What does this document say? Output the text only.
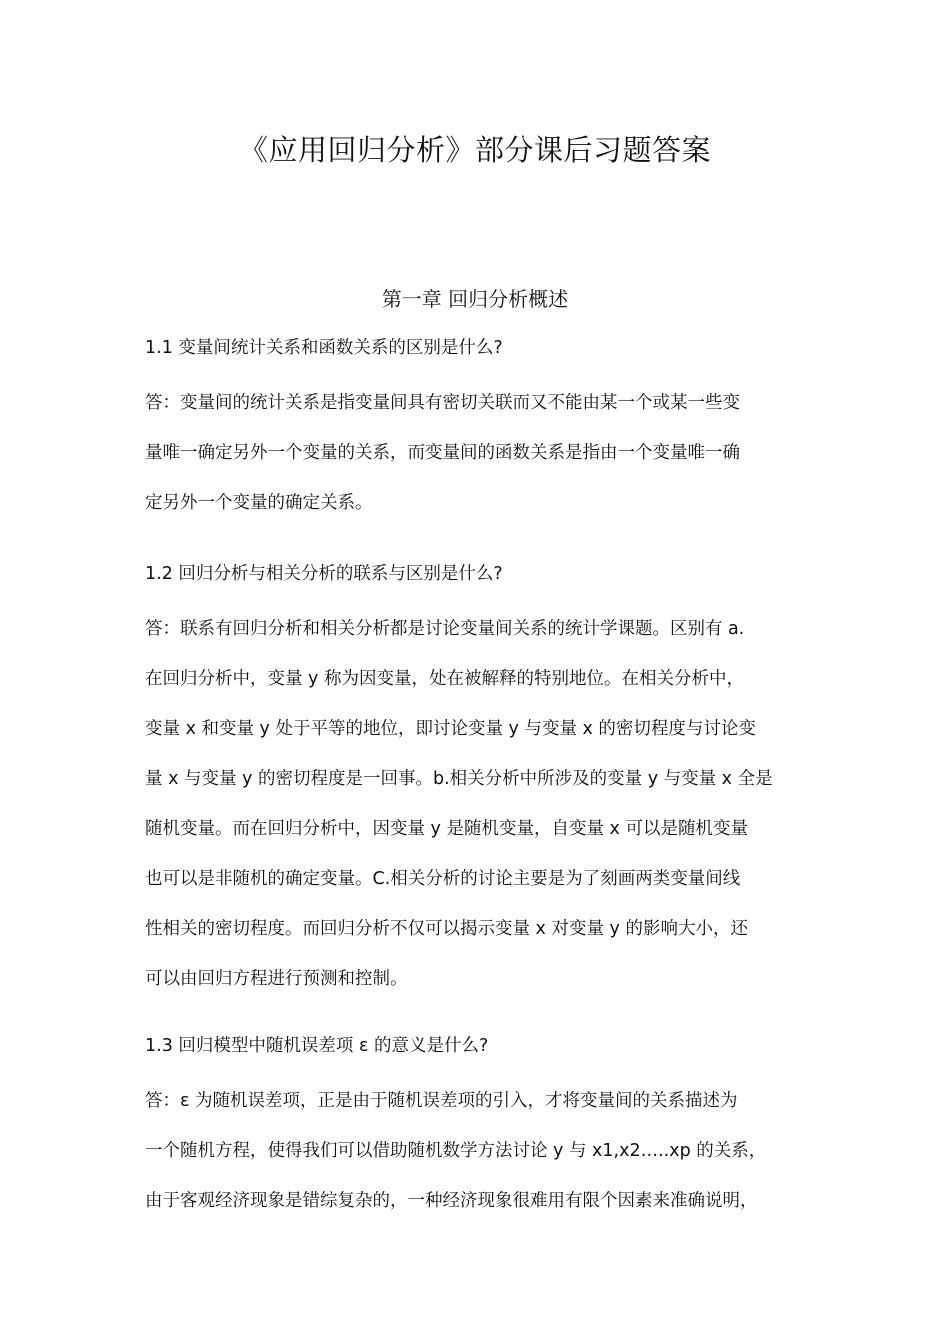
《应用回归分析》部分课后习题答案
第一章 回归分析概述

1.1 变量间统计关系和函数关系的区别是什么?

答：变量间的统计关系是指变量间具有密切关联而又不能由某一个或某一些变
量唯一确定另外一个变量的关系，而变量间的函数关系是指由一个变量唯一确
定另外一个变量的确定关系。

1.2 回归分析与相关分析的联系与区别是什么?

答：联系有回归分析和相关分析都是讨论变量间关系的统计学课题。区别有 a.
在回归分析中，变量 y 称为因变量，处在被解释的特别地位。在相关分析中，
变量 x 和变量 y 处于平等的地位，即讨论变量 y 与变量 x 的密切程度与讨论变
量 x 与变量 y 的密切程度是一回事。b.相关分析中所涉及的变量 y 与变量 x 全是
随机变量。而在回归分析中，因变量 y 是随机变量，自变量 x 可以是随机变量
也可以是非随机的确定变量。C.相关分析的讨论主要是为了刻画两类变量间线
性相关的密切程度。而回归分析不仅可以揭示变量 x 对变量 y 的影响大小，还
可以由回归方程进行预测和控制。

1.3 回归模型中随机误差项 ε 的意义是什么?

答：ε 为随机误差项，正是由于随机误差项的引入，才将变量间的关系描述为
一个随机方程，使得我们可以借助随机数学方法讨论 y 与 x1,x2…..xp 的关系，
由于客观经济现象是错综复杂的，一种经济现象很难用有限个因素来准确说明，
